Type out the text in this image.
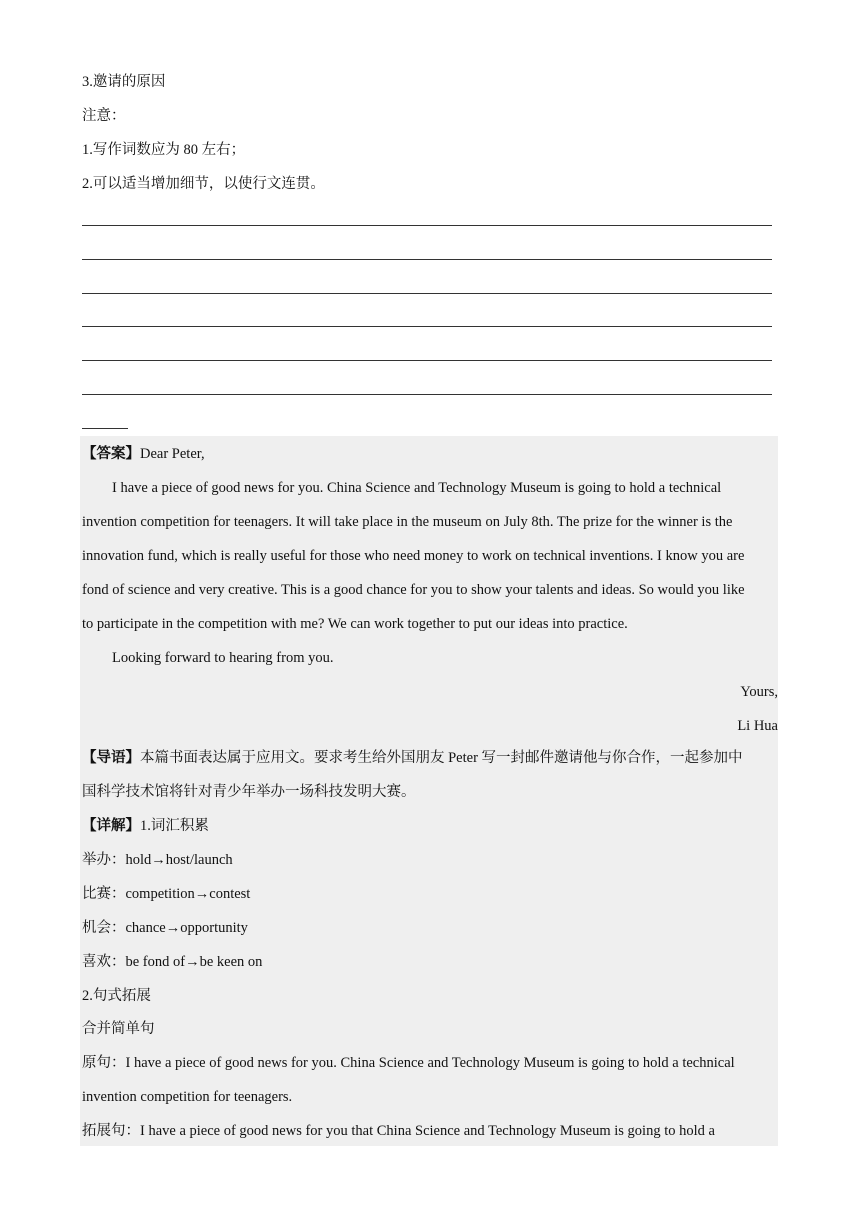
3.邀请的原因
注意：
1.写作词数应为 80 左右；
2.可以适当增加细节，以使行文连贯。
【答案】Dear Peter,
I have a piece of good news for you. China Science and Technology Museum is going to hold a technical
invention competition for teenagers. It will take place in the museum on July 8th. The prize for the winner is the
innovation fund, which is really useful for those who need money to work on technical inventions. I know you are
fond of science and very creative. This is a good chance for you to show your talents and ideas. So would you like
to participate in the competition with me? We can work together to put our ideas into practice.
Looking forward to hearing from you.
Yours,
Li Hua
【导语】本篇书面表达属于应用文。要求考生给外国朋友 Peter 写一封邮件邀请他与你合作，一起参加中
国科学技术馆将针对青少年举办一场科技发明大赛。
【详解】1.词汇积累
举办：hold→host/launch
比赛：competition→contest
机会：chance→opportunity
喜欢：be fond of→be keen on
2.句式拓展
合并简单句
原句：I have a piece of good news for you. China Science and Technology Museum is going to hold a technical
invention competition for teenagers.
拓展句：I have a piece of good news for you that China Science and Technology Museum is going to hold a
